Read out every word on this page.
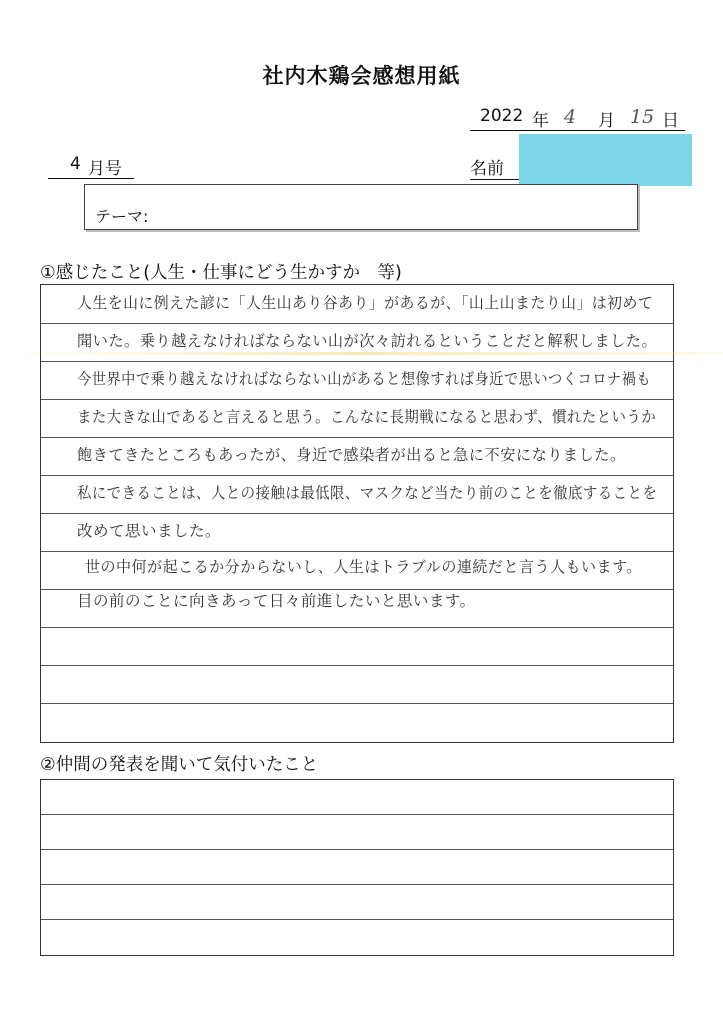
社内木鶏会感想用紙
2022 年 4 月 15 日
4 月号	名前
テーマ:
①感じたこと(人生・仕事にどう生かすか　等)
人生を山に例えた諺に「人生山あり谷あり」があるが、「山上山またり山」は初めて
聞いた。乗り越えなければならない山が次々訪れるということだと解釈しました。
今世界中で乗り越えなければならない山があると想像すれば身近で思いつくコロナ禍も
また大きな山であると言えると思う。こんなに長期戦になると思わず、慣れたというか
飽きてきたところもあったが、身近で感染者が出ると急に不安になりました。
私にできることは、人との接触は最低限、マスクなど当たり前のことを徹底することを
改めて思いました。
世の中何が起こるか分からないし、人生はトラブルの連続だと言う人もいます。
目の前のことに向きあって日々前進したいと思います。
②仲間の発表を聞いて気付いたこと
